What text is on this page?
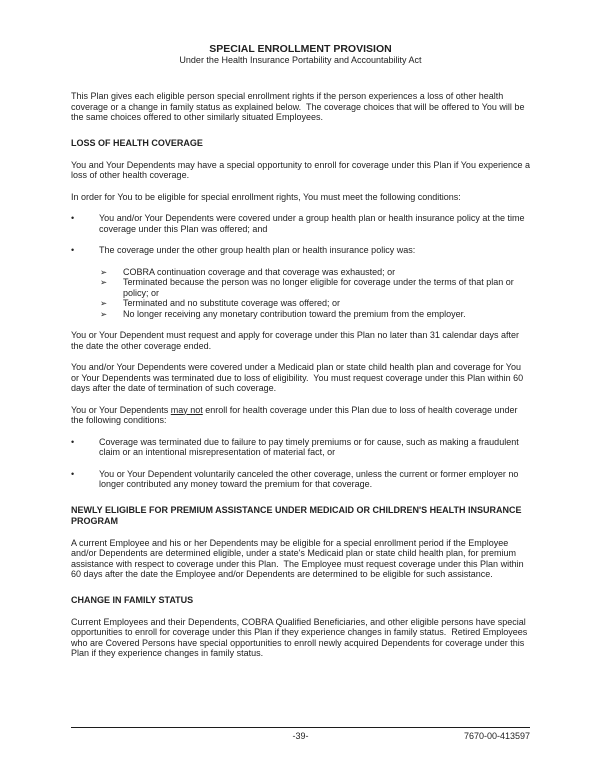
SPECIAL ENROLLMENT PROVISION
Under the Health Insurance Portability and Accountability Act

This Plan gives each eligible person special enrollment rights if the person experiences a loss of other health coverage or a change in family status as explained below.  The coverage choices that will be offered to You will be the same choices offered to other similarly situated Employees.

LOSS OF HEALTH COVERAGE

You and Your Dependents may have a special opportunity to enroll for coverage under this Plan if You experience a loss of other health coverage.

In order for You to be eligible for special enrollment rights, You must meet the following conditions:

•	You and/or Your Dependents were covered under a group health plan or health insurance policy at the time coverage under this Plan was offered; and
•	The coverage under the other group health plan or health insurance policy was:
➢	COBRA continuation coverage and that coverage was exhausted; or
➢	Terminated because the person was no longer eligible for coverage under the terms of that plan or policy; or
➢	Terminated and no substitute coverage was offered; or
➢	No longer receiving any monetary contribution toward the premium from the employer.

You or Your Dependent must request and apply for coverage under this Plan no later than 31 calendar days after the date the other coverage ended.

You and/or Your Dependents were covered under a Medicaid plan or state child health plan and coverage for You or Your Dependents was terminated due to loss of eligibility.  You must request coverage under this Plan within 60 days after the date of termination of such coverage.

You or Your Dependents may not enroll for health coverage under this Plan due to loss of health coverage under the following conditions:

•	Coverage was terminated due to failure to pay timely premiums or for cause, such as making a fraudulent claim or an intentional misrepresentation of material fact, or
•	You or Your Dependent voluntarily canceled the other coverage, unless the current or former employer no longer contributed any money toward the premium for that coverage.
NEWLY ELIGIBLE FOR PREMIUM ASSISTANCE UNDER MEDICAID OR CHILDREN'S HEALTH INSURANCE PROGRAM

A current Employee and his or her Dependents may be eligible for a special enrollment period if the Employee and/or Dependents are determined eligible, under a state's Medicaid plan or state child health plan, for premium assistance with respect to coverage under this Plan.  The Employee must request coverage under this Plan within 60 days after the date the Employee and/or Dependents are determined to be eligible for such assistance.

CHANGE IN FAMILY STATUS

Current Employees and their Dependents, COBRA Qualified Beneficiaries, and other eligible persons have special opportunities to enroll for coverage under this Plan if they experience changes in family status.  Retired Employees who are Covered Persons have special opportunities to enroll newly acquired Dependents for coverage under this Plan if they experience changes in family status.

-39-	7670-00-413597
